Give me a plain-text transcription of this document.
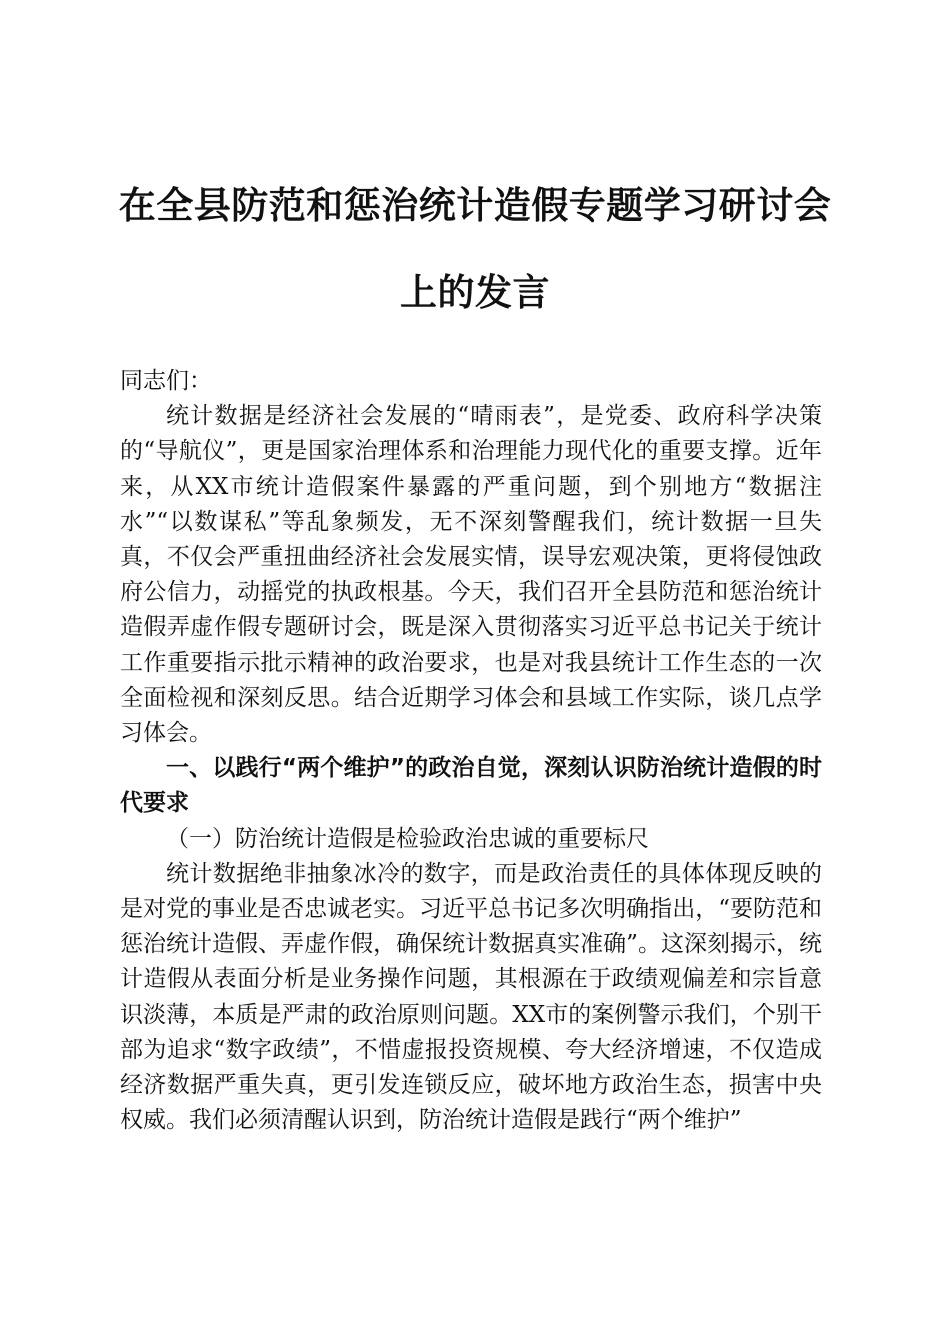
在全县防范和惩治统计造假专题学习研讨会上的发言

同志们：

统计数据是经济社会发展的“晴雨表”，是党委、政府科学决策的“导航仪”，更是国家治理体系和治理能力现代化的重要支撑。近年来，从XX市统计造假案件暴露的严重问题，到个别地方“数据注水”“以数谋私”等乱象频发，无不深刻警醒我们，统计数据一旦失真，不仅会严重扭曲经济社会发展实情，误导宏观决策，更将侵蚀政府公信力，动摇党的执政根基。今天，我们召开全县防范和惩治统计造假弄虚作假专题研讨会，既是深入贯彻落实习近平总书记关于统计工作重要指示批示精神的政治要求，也是对我县统计工作生态的一次全面检视和深刻反思。结合近期学习体会和县域工作实际，谈几点学习体会。

一、以践行“两个维护”的政治自觉，深刻认识防治统计造假的时代要求

（一）防治统计造假是检验政治忠诚的重要标尺

统计数据绝非抽象冰冷的数字，而是政治责任的具体体现反映的是对党的事业是否忠诚老实。习近平总书记多次明确指出，“要防范和惩治统计造假、弄虚作假，确保统计数据真实准确”。这深刻揭示，统计造假从表面分析是业务操作问题，其根源在于政绩观偏差和宗旨意识淡薄，本质是严肃的政治原则问题。XX市的案例警示我们，个别干部为追求“数字政绩”，不惜虚报投资规模、夸大经济增速，不仅造成经济数据严重失真，更引发连锁反应，破坏地方政治生态，损害中央权威。我们必须清醒认识到，防治统计造假是践行“两个维护”
